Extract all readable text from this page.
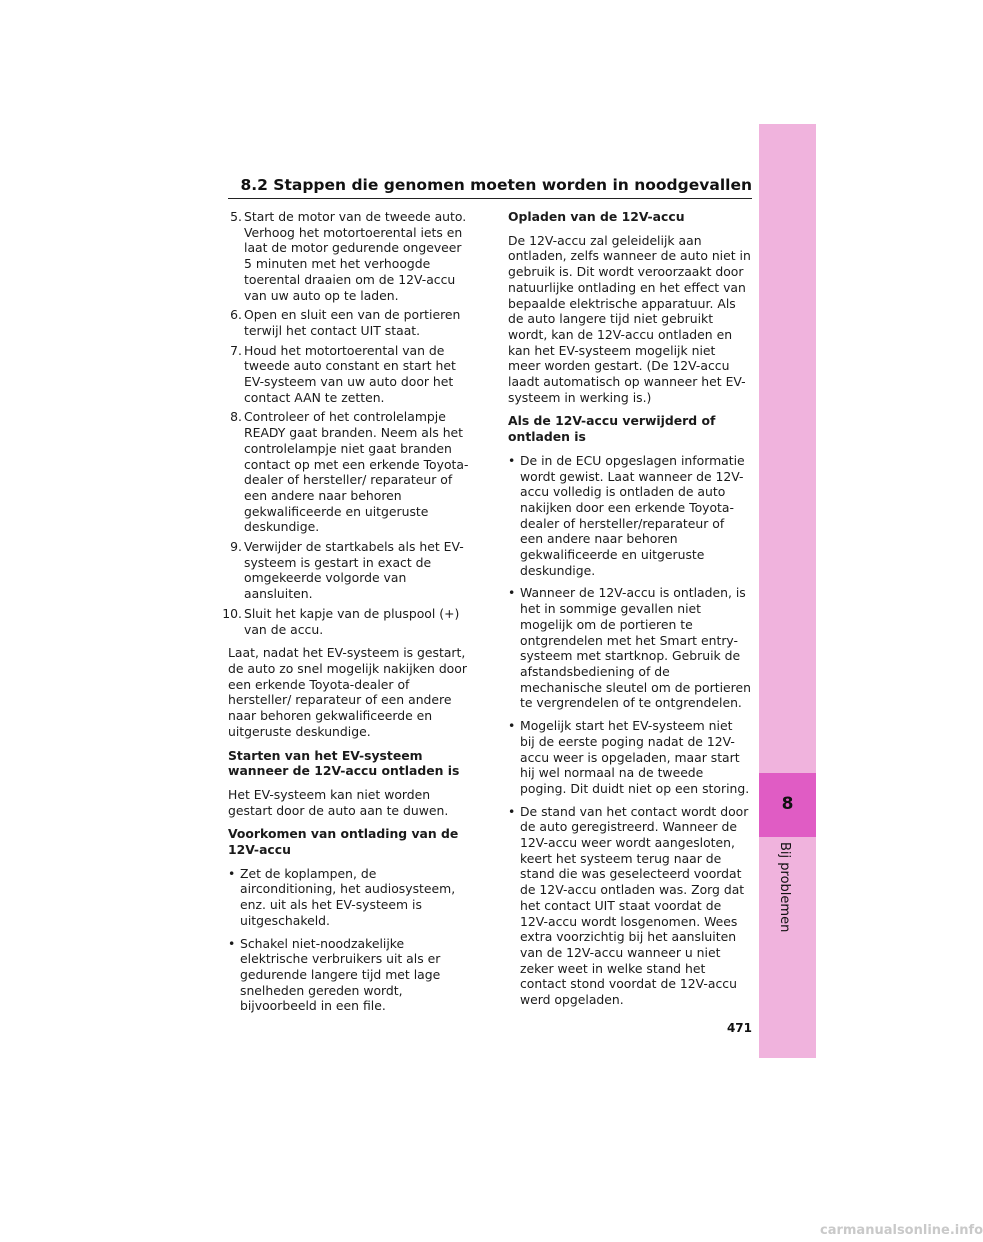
8.2 Stappen die genomen moeten worden in noodgevallen
5. Start de motor van de tweede auto. Verhoog het motortoerental iets en laat de motor gedurende ongeveer 5 minuten met het verhoogde toerental draaien om de 12V-accu van uw auto op te laden.
6. Open en sluit een van de portieren terwijl het contact UIT staat.
7. Houd het motortoerental van de tweede auto constant en start het EV-systeem van uw auto door het contact AAN te zetten.
8. Controleer of het controlelampje READY gaat branden. Neem als het controlelampje niet gaat branden contact op met een erkende Toyota-dealer of hersteller/ reparateur of een andere naar behoren gekwalificeerde en uitgeruste deskundige.
9. Verwijder de startkabels als het EV-systeem is gestart in exact de omgekeerde volgorde van aansluiten.
10. Sluit het kapje van de pluspool (+) van de accu.

Laat, nadat het EV-systeem is gestart, de auto zo snel mogelijk nakijken door een erkende Toyota-dealer of hersteller/ reparateur of een andere naar behoren gekwalificeerde en uitgeruste deskundige.

Starten van het EV-systeem wanneer de 12V-accu ontladen is

Het EV-systeem kan niet worden gestart door de auto aan te duwen.

Voorkomen van ontlading van de 12V-accu

• Zet de koplampen, de airconditioning, het audiosysteem, enz. uit als het EV-systeem is uitgeschakeld.
• Schakel niet-noodzakelijke elektrische verbruikers uit als er gedurende langere tijd met lage snelheden gereden wordt, bijvoorbeeld in een file.

Opladen van de 12V-accu

De 12V-accu zal geleidelijk aan ontladen, zelfs wanneer de auto niet in gebruik is. Dit wordt veroorzaakt door natuurlijke ontlading en het effect van bepaalde elektrische apparatuur. Als de auto langere tijd niet gebruikt wordt, kan de 12V-accu ontladen en kan het EV-systeem mogelijk niet meer worden gestart. (De 12V-accu laadt automatisch op wanneer het EV-systeem in werking is.)

Als de 12V-accu verwijderd of ontladen is

• De in de ECU opgeslagen informatie wordt gewist. Laat wanneer de 12V-accu volledig is ontladen de auto nakijken door een erkende Toyota-dealer of hersteller/reparateur of een andere naar behoren gekwalificeerde en uitgeruste deskundige.
• Wanneer de 12V-accu is ontladen, is het in sommige gevallen niet mogelijk om de portieren te ontgrendelen met het Smart entry-systeem met startknop. Gebruik de afstandsbediening of de mechanische sleutel om de portieren te vergrendelen of te ontgrendelen.
• Mogelijk start het EV-systeem niet bij de eerste poging nadat de 12V-accu weer is opgeladen, maar start hij wel normaal na de tweede poging. Dit duidt niet op een storing.
• De stand van het contact wordt door de auto geregistreerd. Wanneer de 12V-accu weer wordt aangesloten, keert het systeem terug naar de stand die was geselecteerd voordat de 12V-accu ontladen was. Zorg dat het contact UIT staat voordat de 12V-accu wordt losgenomen. Wees extra voorzichtig bij het aansluiten van de 12V-accu wanneer u niet zeker weet in welke stand het contact stond voordat de 12V-accu werd opgeladen.
8
Bij problemen
471
carmanualsonline.info
